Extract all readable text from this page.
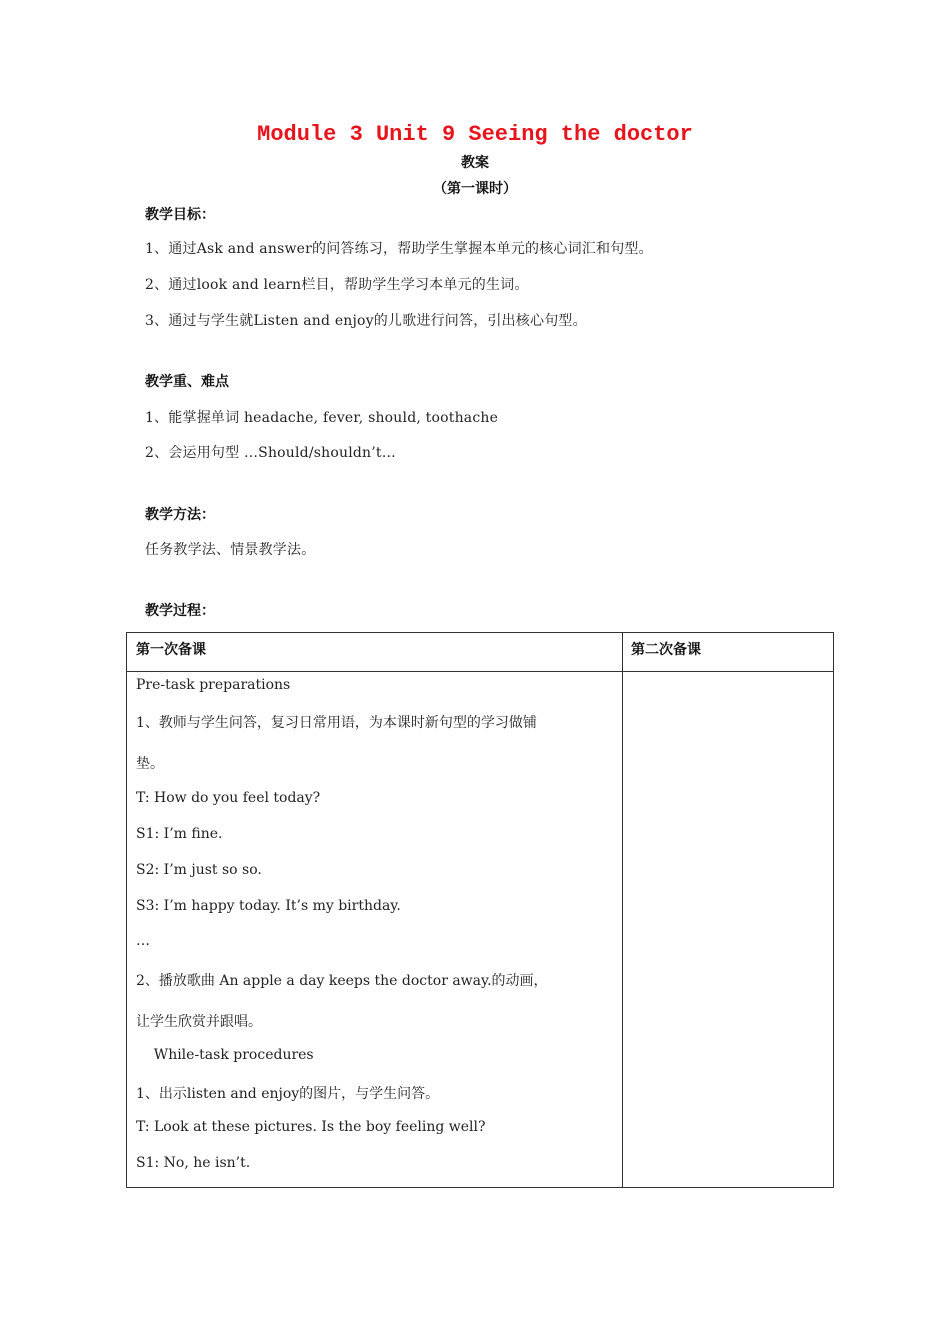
Module 3 Unit 9 Seeing the doctor
教案
（第一课时）
教学目标：
1、通过Ask and answer的问答练习，帮助学生掌握本单元的核心词汇和句型。
2、通过look and learn栏目，帮助学生学习本单元的生词。
3、通过与学生就Listen and enjoy的儿歌进行问答，引出核心句型。
教学重、难点
1、能掌握单词 headache, fever, should, toothache
2、会运用句型 …Should/shouldn’t…
教学方法：
任务教学法、情景教学法。
教学过程：
第一次备课	第二次备课
Pre-task preparations
1、教师与学生问答，复习日常用语，为本课时新句型的学习做铺
垫。
T: How do you feel today?
S1: I’m fine.
S2: I’m just so so.
S3: I’m happy today. It’s my birthday.
…
2、播放歌曲 An apple a day keeps the doctor away.的动画，
让学生欣赏并跟唱。
While-task procedures
1、出示listen and enjoy的图片，与学生问答。
T: Look at these pictures. Is the boy feeling well?
S1: No, he isn’t.
